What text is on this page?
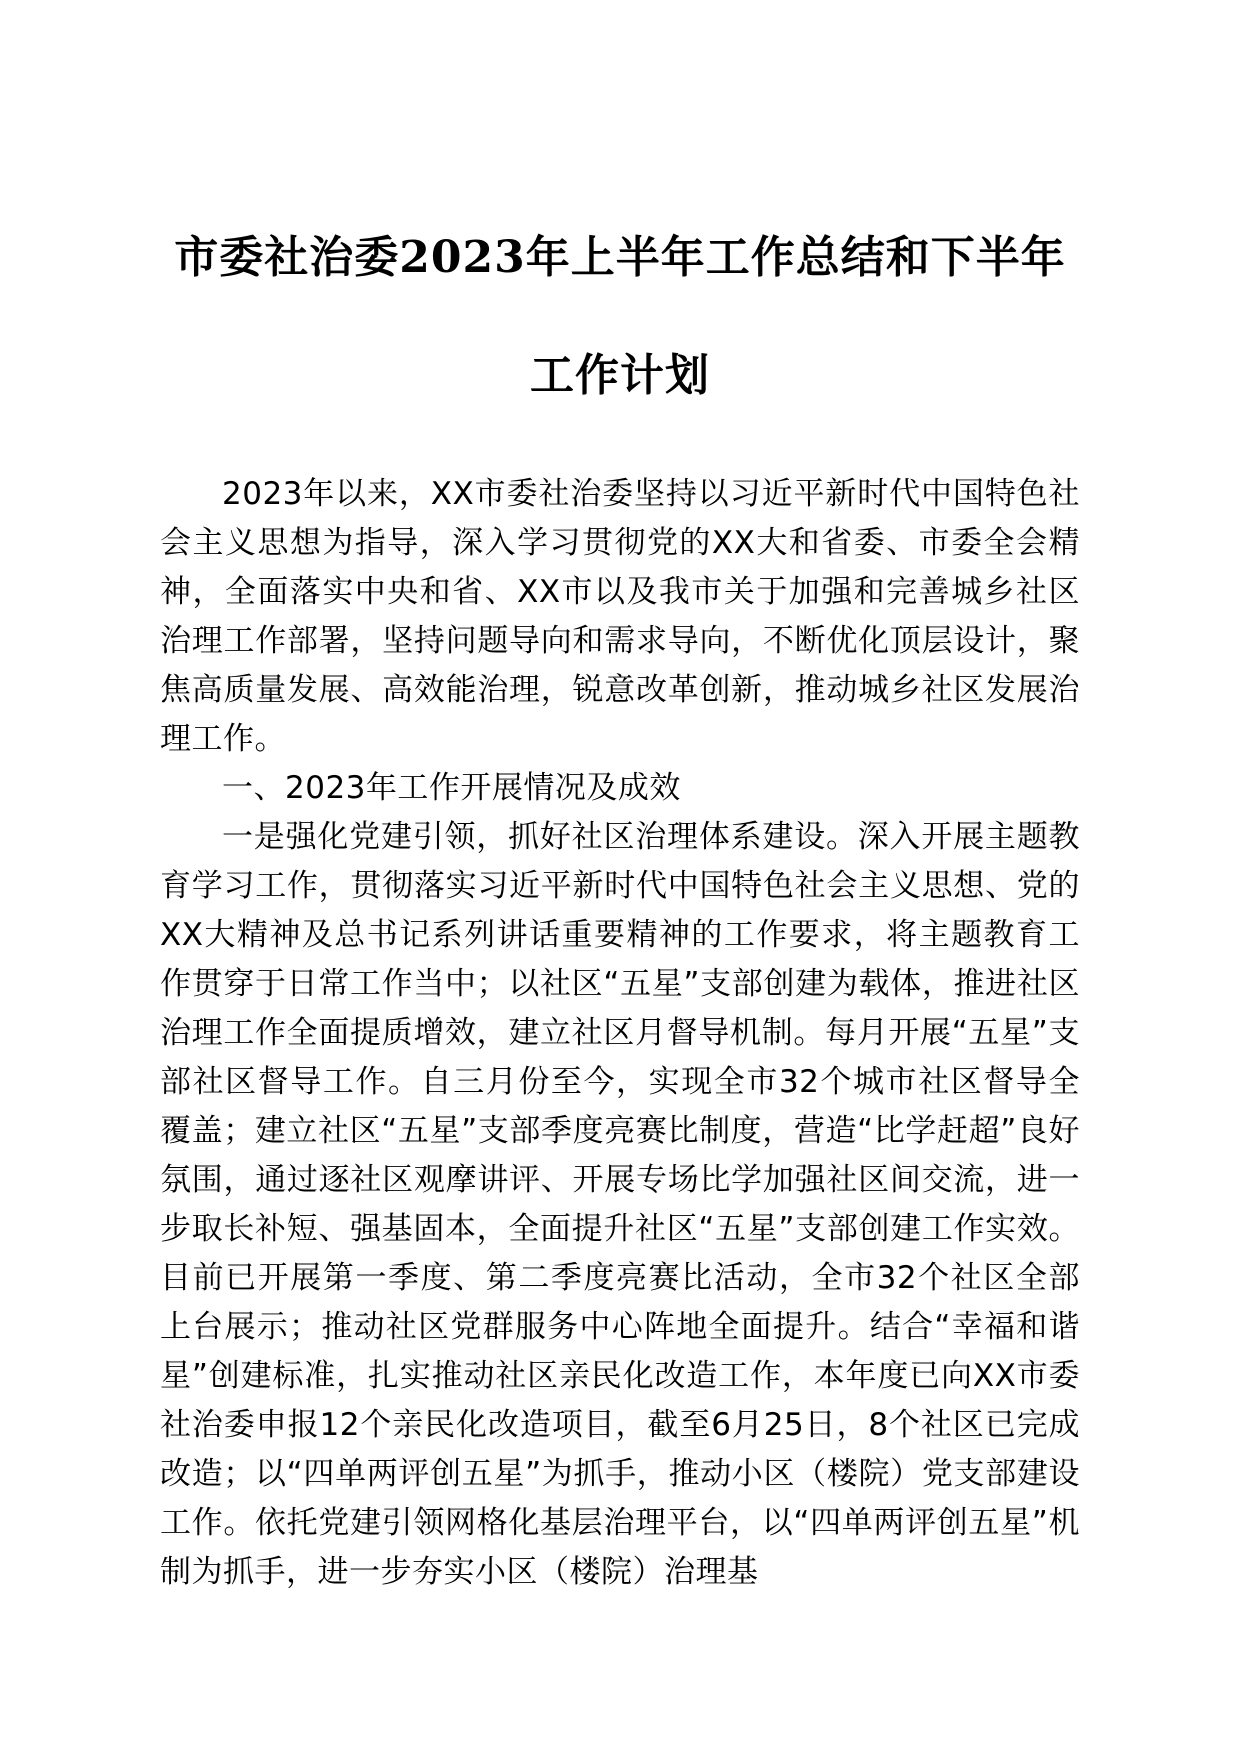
市委社治委2023年上半年工作总结和下半年
工作计划

2023年以来，XX市委社治委坚持以习近平新时代中国特色社会主义思想为指导，深入学习贯彻党的XX大和省委、市委全会精神，全面落实中央和省、XX市以及我市关于加强和完善城乡社区治理工作部署，坚持问题导向和需求导向，不断优化顶层设计，聚焦高质量发展、高效能治理，锐意改革创新，推动城乡社区发展治理工作。

一、2023年工作开展情况及成效

一是强化党建引领，抓好社区治理体系建设。深入开展主题教育学习工作，贯彻落实习近平新时代中国特色社会主义思想、党的XX大精神及总书记系列讲话重要精神的工作要求，将主题教育工作贯穿于日常工作当中；以社区“五星”支部创建为载体，推进社区治理工作全面提质增效，建立社区月督导机制。每月开展“五星”支部社区督导工作。自三月份至今，实现全市32个城市社区督导全覆盖；建立社区“五星”支部季度亮赛比制度，营造“比学赶超”良好氛围，通过逐社区观摩讲评、开展专场比学加强社区间交流，进一步取长补短、强基固本，全面提升社区“五星”支部创建工作实效。目前已开展第一季度、第二季度亮赛比活动，全市32个社区全部上台展示；推动社区党群服务中心阵地全面提升。结合“幸福和谐星”创建标准，扎实推动社区亲民化改造工作，本年度已向XX市委社治委申报12个亲民化改造项目，截至6月25日，8个社区已完成改造；以“四单两评创五星”为抓手，推动小区（楼院）党支部建设工作。依托党建引领网格化基层治理平台，以“四单两评创五星”机制为抓手，进一步夯实小区（楼院）治理基
